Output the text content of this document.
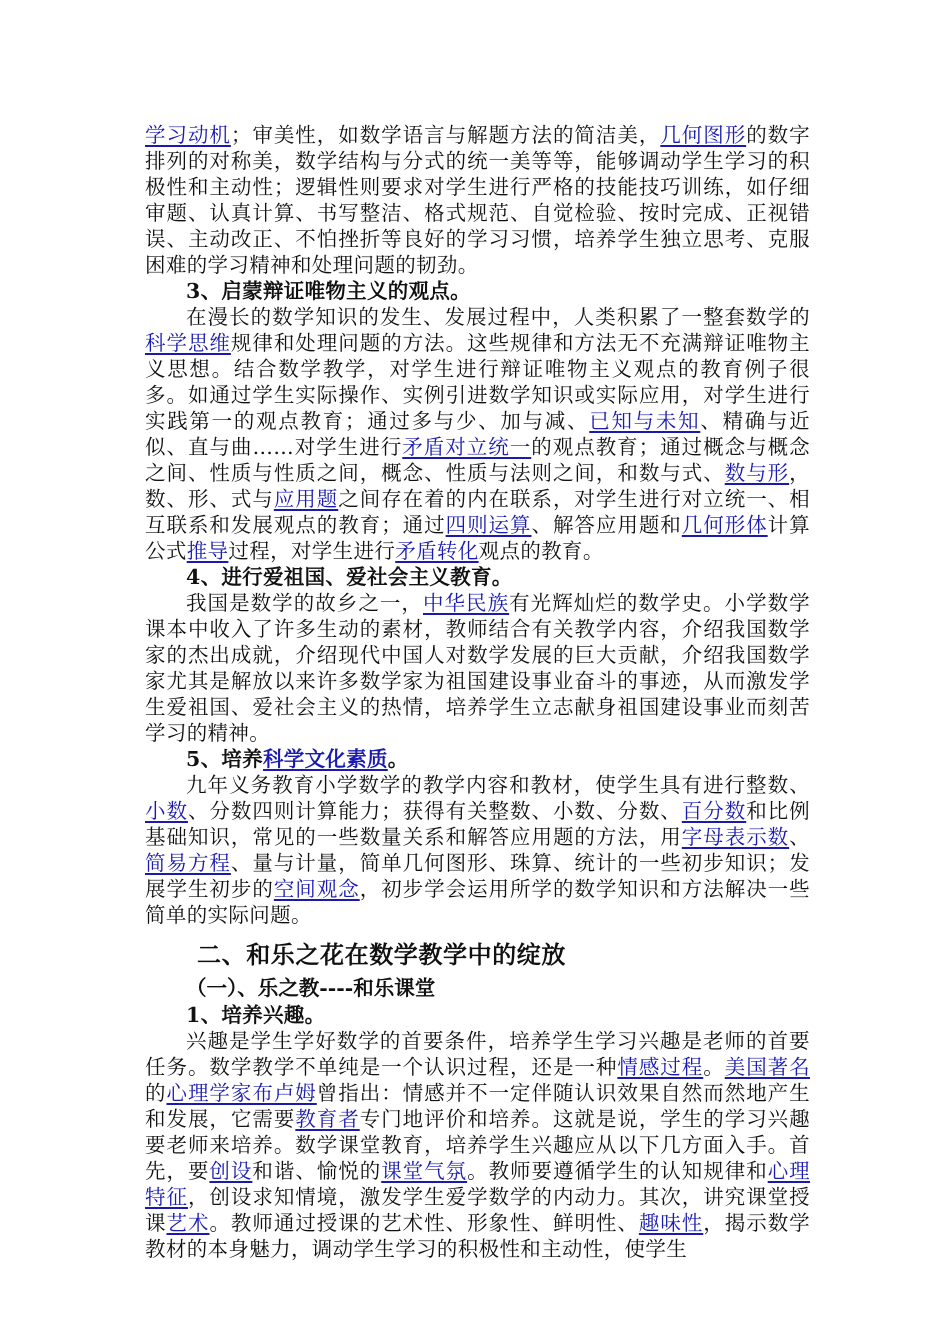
学习动机；审美性，如数学语言与解题方法的简洁美，几何图形的数字排列的对称美，数学结构与分式的统一美等等，能够调动学生学习的积极性和主动性；逻辑性则要求对学生进行严格的技能技巧训练，如仔细审题、认真计算、书写整洁、格式规范、自觉检验、按时完成、正视错误、主动改正、不怕挫折等良好的学习习惯，培养学生独立思考、克服困难的学习精神和处理问题的韧劲。

3、启蒙辩证唯物主义的观点。

在漫长的数学知识的发生、发展过程中，人类积累了一整套数学的科学思维规律和处理问题的方法。这些规律和方法无不充满辩证唯物主义思想。结合数学教学，对学生进行辩证唯物主义观点的教育例子很多。如通过学生实际操作、实例引进数学知识或实际应用，对学生进行实践第一的观点教育；通过多与少、加与减、已知与未知、精确与近似、直与曲……对学生进行矛盾对立统一的观点教育；通过概念与概念之间、性质与性质之间，概念、性质与法则之间，和数与式、数与形，数、形、式与应用题之间存在着的内在联系，对学生进行对立统一、相互联系和发展观点的教育；通过四则运算、解答应用题和几何形体计算公式推导过程，对学生进行矛盾转化观点的教育。

4、进行爱祖国、爱社会主义教育。

我国是数学的故乡之一，中华民族有光辉灿烂的数学史。小学数学课本中收入了许多生动的素材，教师结合有关教学内容，介绍我国数学家的杰出成就，介绍现代中国人对数学发展的巨大贡献，介绍我国数学家尤其是解放以来许多数学家为祖国建设事业奋斗的事迹，从而激发学生爱祖国、爱社会主义的热情，培养学生立志献身祖国建设事业而刻苦学习的精神。

5、培养科学文化素质。

九年义务教育小学数学的教学内容和教材，使学生具有进行整数、小数、分数四则计算能力；获得有关整数、小数、分数、百分数和比例基础知识，常见的一些数量关系和解答应用题的方法，用字母表示数、简易方程、量与计量，简单几何图形、珠算、统计的一些初步知识；发展学生初步的空间观念，初步学会运用所学的数学知识和方法解决一些简单的实际问题。

二、和乐之花在数学教学中的绽放

（一）、乐之教----和乐课堂

1、培养兴趣。

兴趣是学生学好数学的首要条件，培养学生学习兴趣是老师的首要任务。数学教学不单纯是一个认识过程，还是一种情感过程。美国著名的心理学家布卢姆曾指出：情感并不一定伴随认识效果自然而然地产生和发展，它需要教育者专门地评价和培养。这就是说，学生的学习兴趣要老师来培养。数学课堂教育，培养学生兴趣应从以下几方面入手。首先，要创设和谐、愉悦的课堂气氛。教师要遵循学生的认知规律和心理特征，创设求知情境，激发学生爱学数学的内动力。其次，讲究课堂授课艺术。教师通过授课的艺术性、形象性、鲜明性、趣味性，揭示数学教材的本身魅力，调动学生学习的积极性和主动性，使学生
